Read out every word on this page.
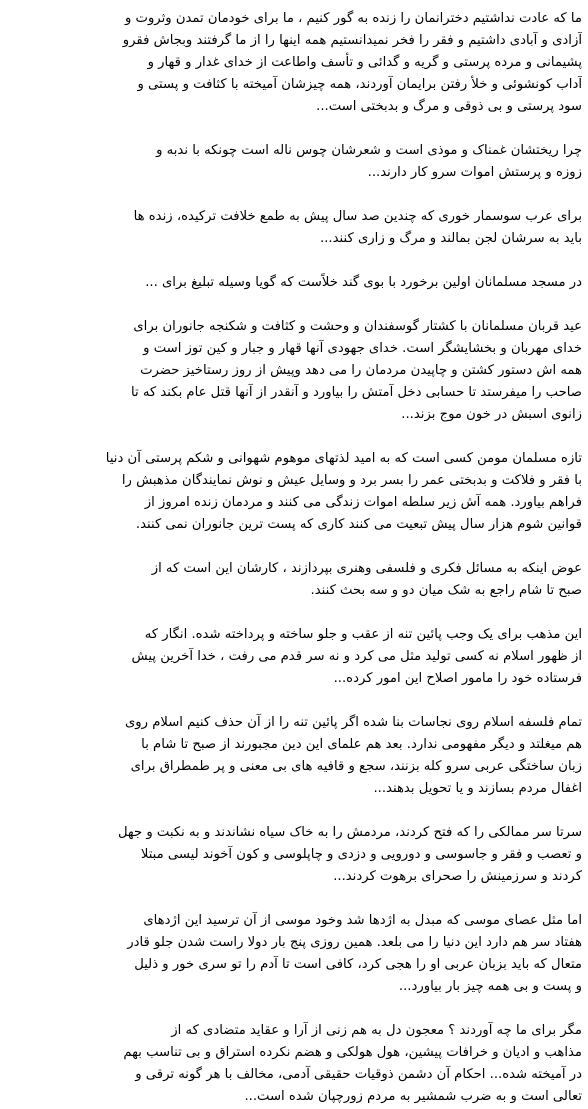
ما که عادت نداشتیم دخترانمان را زنده به گور کنیم ، ما برای خودمان تمدن وثروت و
آزادی و آبادی داشتیم و فقر را فخر نمیدانستیم همه اینها را از ما گرفتند وبجاش فقرو
پشیمانی و مرده پرستی و گریه و گدائی و تأسف واطاعت از خدای غدار و قهار و
آداب کونشوئی و خلأ رفتن برایمان آوردند، همه چیزشان آمیخته با کثافت و پستی و
سود پرستی و بی ذوقی و مرگ و بدبختی است...
چرا ریختشان غمناک و موذی است و شعرشان چوس ناله است چونکه با ندبه و
زوزه و پرستش اموات سرو کار دارند...
برای عرب سوسمار خوری که چندین صد سال پیش به طمع خلافت ترکیده، زنده ها
باید به سرشان لجن بمالند و مرگ و زاری کنند...
در مسجد مسلمانان اولین برخورد با بوی گند خلاًست که گویا وسیله تبلیغ برای ...
عید قربان مسلمانان با کشتار گوسفندان و وحشت و کثافت و شکنجه جانوران برای
خدای مهربان و بخشایشگر است. خدای جهودی آنها قهار و جبار و کین توز است و
همه اش دستور کشتن و چاپیدن مردمان را می دهد وپیش از روز رستاخیز حضرت
صاحب را میفرستد تا حسابی دخل آمتش را بیاورد و آنقدر از آنها قتل عام بکند که تا
زانوی اسبش در خون موج بزند...
تازه مسلمان مومن کسی است که به امید لذتهای موهوم شهوانی و شکم پرستی آن دنیا
با فقر و فلاکت و بدبختی عمر را بسر برد و وسایل عیش و نوش نمایندگان مذهبش را
فراهم بیاورد. همه آش زیر سلطه اموات زندگی می کنند و مردمان زنده امروز از
قوانین شوم هزار سال پیش تبعیت می کنند کاری که پست ترین جانوران نمی کنند.
عوض اینکه به مسائل فکری و فلسفی وهنری بپردازند ، کارشان این است که از
صبح تا شام راجع به شک میان دو و سه بحث کنند.
این مذهب برای یک وجب پائین تنه از عقب و جلو ساخته و پرداخته شده. انگار که
از ظهور اسلام نه کسی تولید مثل می کرد و نه سر قدم می رفت ، خدا آخرین پیش
فرستاده خود را مامور اصلاح این امور کرده...
تمام فلسفه اسلام روی نجاسات بنا شده اگر پائین تنه را از آن حذف کنیم اسلام روی
هم میغلتد و دیگر مفهومی ندارد. بعد هم علمای این دین مجبورند از صبح تا شام با
زبان ساختگی عربی سرو کله بزنند، سجع و قافیه های بی معنی و پر طمطراق برای
اغفال مردم بسازند و یا تحویل بدهند...
سرتا سر ممالکی را که فتح کردند، مردمش را به خاک سیاه نشاندند و به نکبت و جهل
و تعصب و فقر و جاسوسی و دورویی و دزدی و چاپلوسی و کون آخوند لیسی مبتلا
کردند و سرزمینش را صحرای برهوت کردند...
اما مثل عصای موسی که مبدل به اژدها شد وخود موسی از آن ترسید این اژدهای
هفتاد سر هم دارد این دنیا را می بلعد. همین روزی پنج بار دولا راست شدن جلو قادر
متعال که باید بزبان عربی او را هجی کرد، کافی است تا آدم را تو سری خور و ذلیل
و پست و بی همه چیز بار بیاورد...
مگر برای ما چه آوردند ؟ معجون دل به هم زنی از آرا و عقاید متضادی که از
مذاهب و ادیان و خرافات پیشین، هول هولکی و هضم نکرده استراق و بی تناسب بهم
در آمیخته شده... احکام آن دشمن ذوقیات حقیقی آدمی، مخالف با هر گونه ترقی و
تعالی است و به ضرب شمشیر به مردم زورچپان شده است...
